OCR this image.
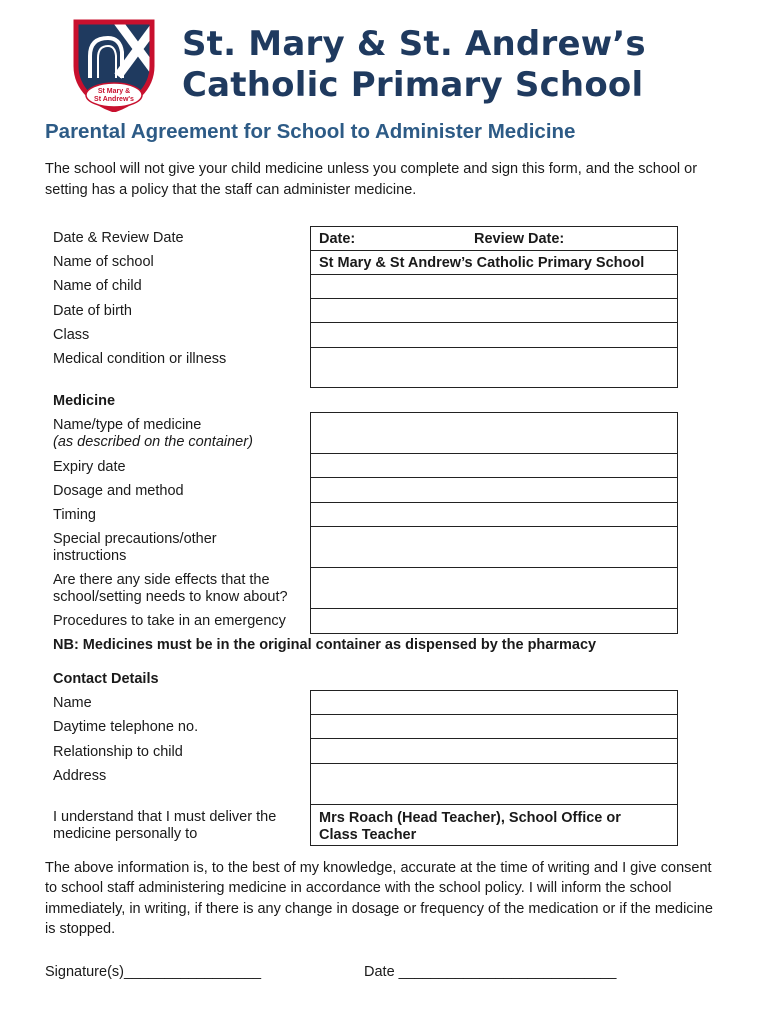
St Mary &
St Andrew's
St. Mary & St. Andrew’s
Catholic Primary School
Parental Agreement for School to Administer Medicine

The school will not give your child medicine unless you complete and sign this form, and the school or setting has a policy that the staff can administer medicine.

Date & Review Date
Name of school
Name of child
Date of birth
Class
Medical condition or illness
Date:	Review Date:
St Mary & St Andrew’s Catholic Primary School
Medicine
Name/type of medicine
(as described on the container)
Expiry date
Dosage and method
Timing
Special precautions/other
instructions
Are there any side effects that the
school/setting needs to know about?
Procedures to take in an emergency
NB: Medicines must be in the original container as dispensed by the pharmacy
Contact Details
Name
Daytime telephone no.
Relationship to child
Address
I understand that I must deliver the
medicine personally to
Mrs Roach (Head Teacher), School Office or
Class Teacher

The above information is, to the best of my knowledge, accurate at the time of writing and I give consent to school staff administering medicine in accordance with the school policy. I will inform the school immediately, in writing, if there is any change in dosage or frequency of the medication or if the medicine is stopped.

Signature(s)_________________	Date ___________________________
